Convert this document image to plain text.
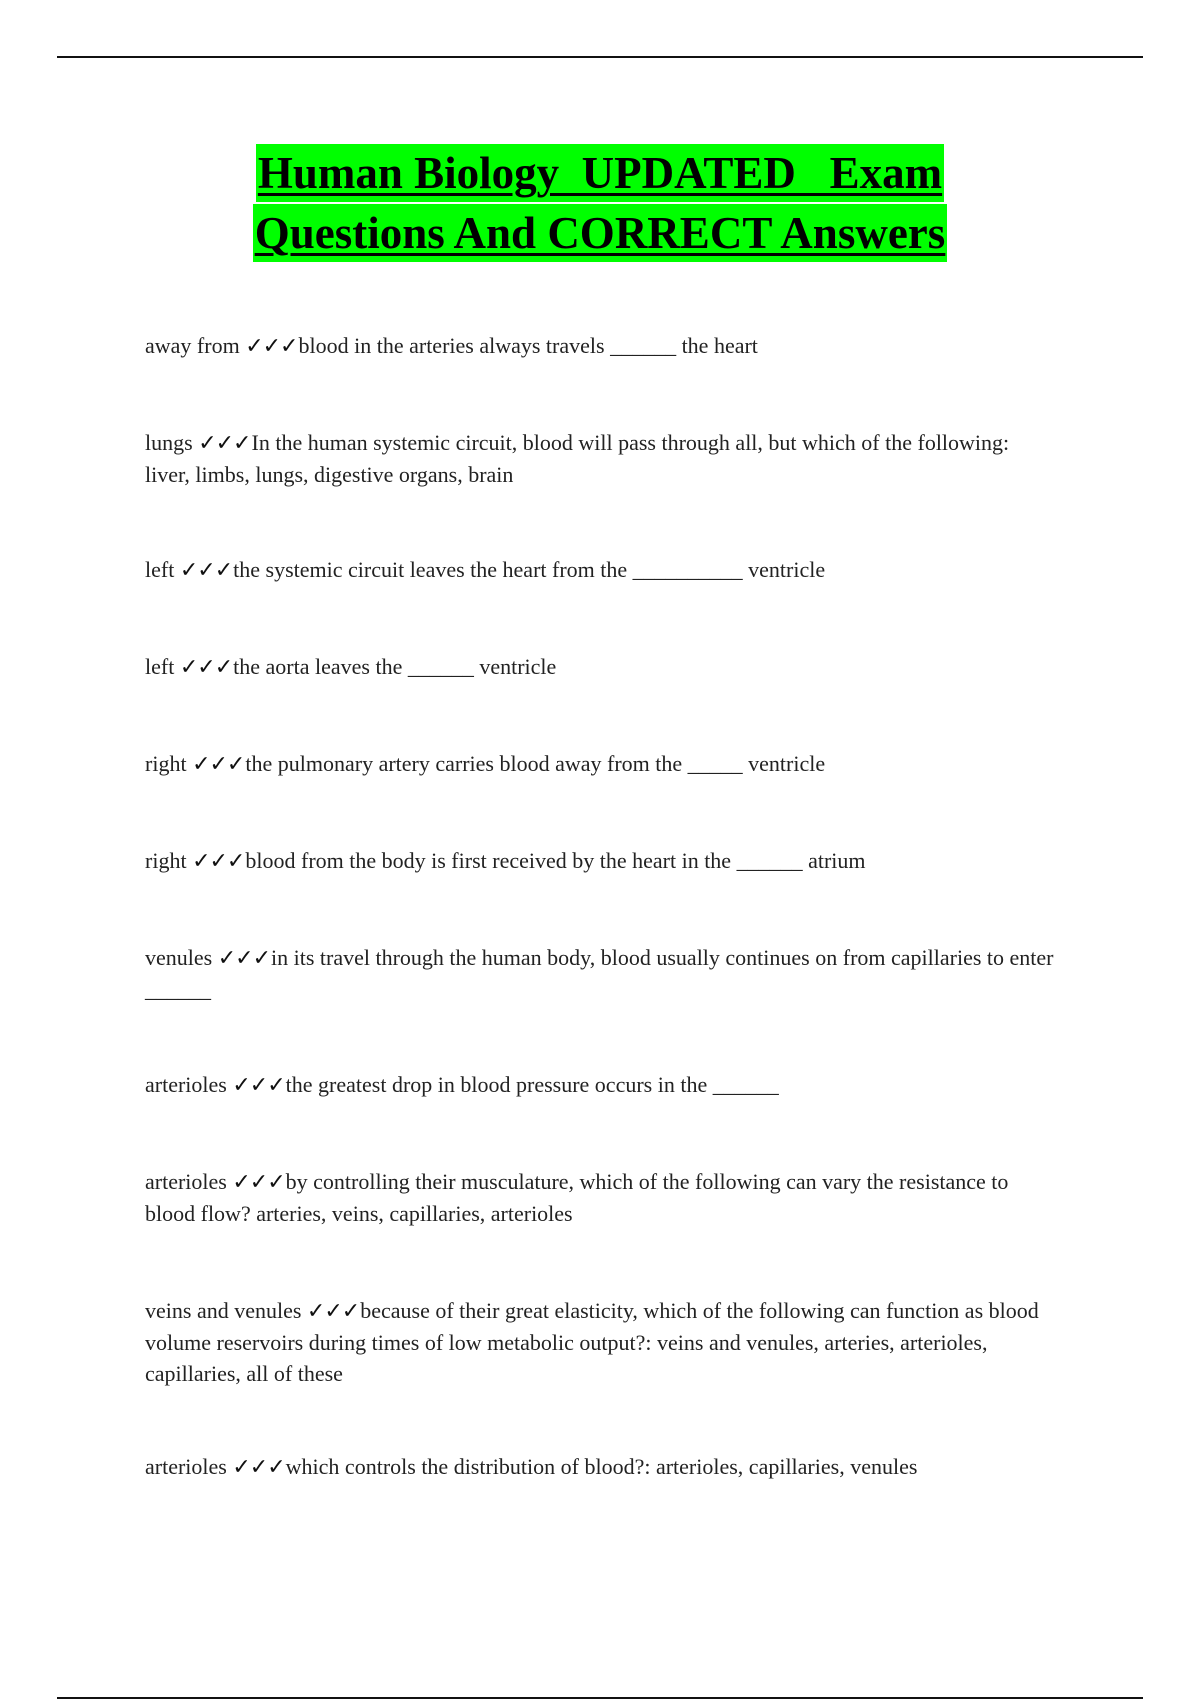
Human Biology  UPDATED   Exam
Questions And CORRECT Answers
away from ✓✓✓blood in the arteries always travels ______ the heart
lungs ✓✓✓In the human systemic circuit, blood will pass through all, but which of the following: liver, limbs, lungs, digestive organs, brain
left ✓✓✓the systemic circuit leaves the heart from the __________ ventricle
left ✓✓✓the aorta leaves the ______ ventricle
right ✓✓✓the pulmonary artery carries blood away from the _____ ventricle
right ✓✓✓blood from the body is first received by the heart in the ______ atrium
venules ✓✓✓in its travel through the human body, blood usually continues on from capillaries to enter ______
arterioles ✓✓✓the greatest drop in blood pressure occurs in the ______
arterioles ✓✓✓by controlling their musculature, which of the following can vary the resistance to blood flow? arteries, veins, capillaries, arterioles
veins and venules ✓✓✓because of their great elasticity, which of the following can function as blood volume reservoirs during times of low metabolic output?: veins and venules, arteries, arterioles, capillaries, all of these
arterioles ✓✓✓which controls the distribution of blood?: arterioles, capillaries, venules
